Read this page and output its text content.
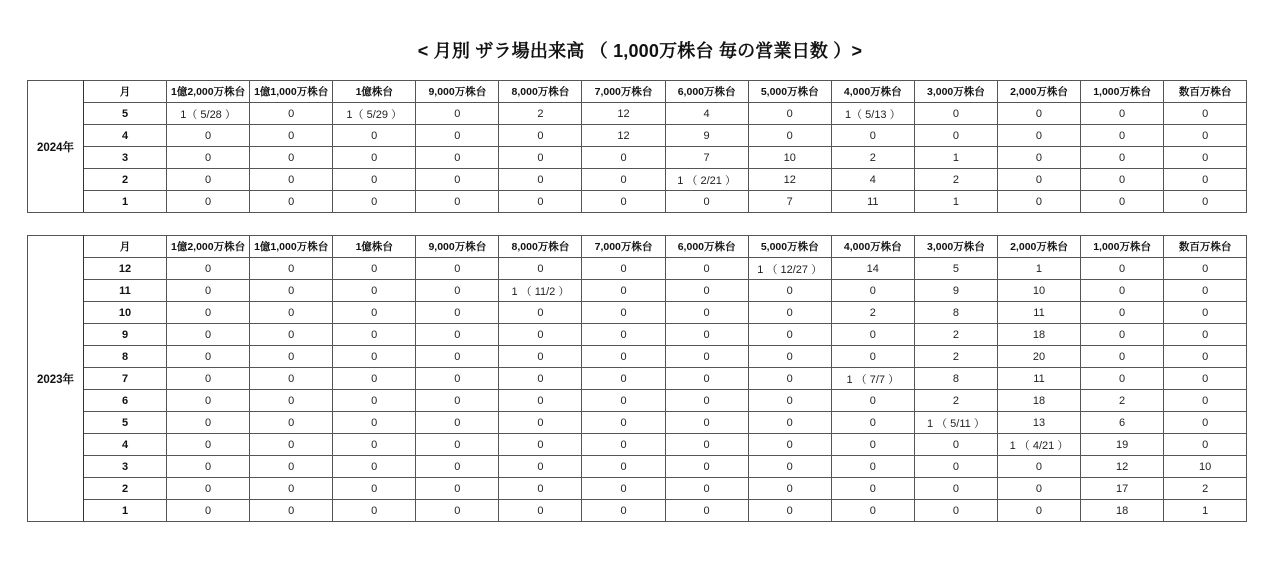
< 月別 ザラ場出来高 （ 1,000万株台 毎の営業日数 ）>
2024年	月	1億2,000万株台	1億1,000万株台	1億株台	9,000万株台	8,000万株台	7,000万株台	6,000万株台	5,000万株台	4,000万株台	3,000万株台	2,000万株台	1,000万株台	数百万株台
	5	1（ 5/28 ）	0	1（ 5/29 ）	0	2	12	4	0	1（ 5/13 ）	0	0	0	0
	4	0	0	0	0	0	12	9	0	0	0	0	0	0
	3	0	0	0	0	0	0	7	10	2	1	0	0	0
	2	0	0	0	0	0	0	1 （ 2/21 ）	12	4	2	0	0	0
	1	0	0	0	0	0	0	0	7	11	1	0	0	0
2023年	月	1億2,000万株台	1億1,000万株台	1億株台	9,000万株台	8,000万株台	7,000万株台	6,000万株台	5,000万株台	4,000万株台	3,000万株台	2,000万株台	1,000万株台	数百万株台
	12	0	0	0	0	0	0	0	1 （ 12/27 ）	14	5	1	0	0
	11	0	0	0	0	1 （ 11/2 ）	0	0	0	0	9	10	0	0
	10	0	0	0	0	0	0	0	0	2	8	11	0	0
	9	0	0	0	0	0	0	0	0	0	2	18	0	0
	8	0	0	0	0	0	0	0	0	0	2	20	0	0
	7	0	0	0	0	0	0	0	0	1 （ 7/7 ）	8	11	0	0
	6	0	0	0	0	0	0	0	0	0	2	18	2	0
	5	0	0	0	0	0	0	0	0	0	1 （ 5/11 ）	13	6	0
	4	0	0	0	0	0	0	0	0	0	0	1 （ 4/21 ）	19	0
	3	0	0	0	0	0	0	0	0	0	0	0	12	10
	2	0	0	0	0	0	0	0	0	0	0	0	17	2
	1	0	0	0	0	0	0	0	0	0	0	0	18	1
